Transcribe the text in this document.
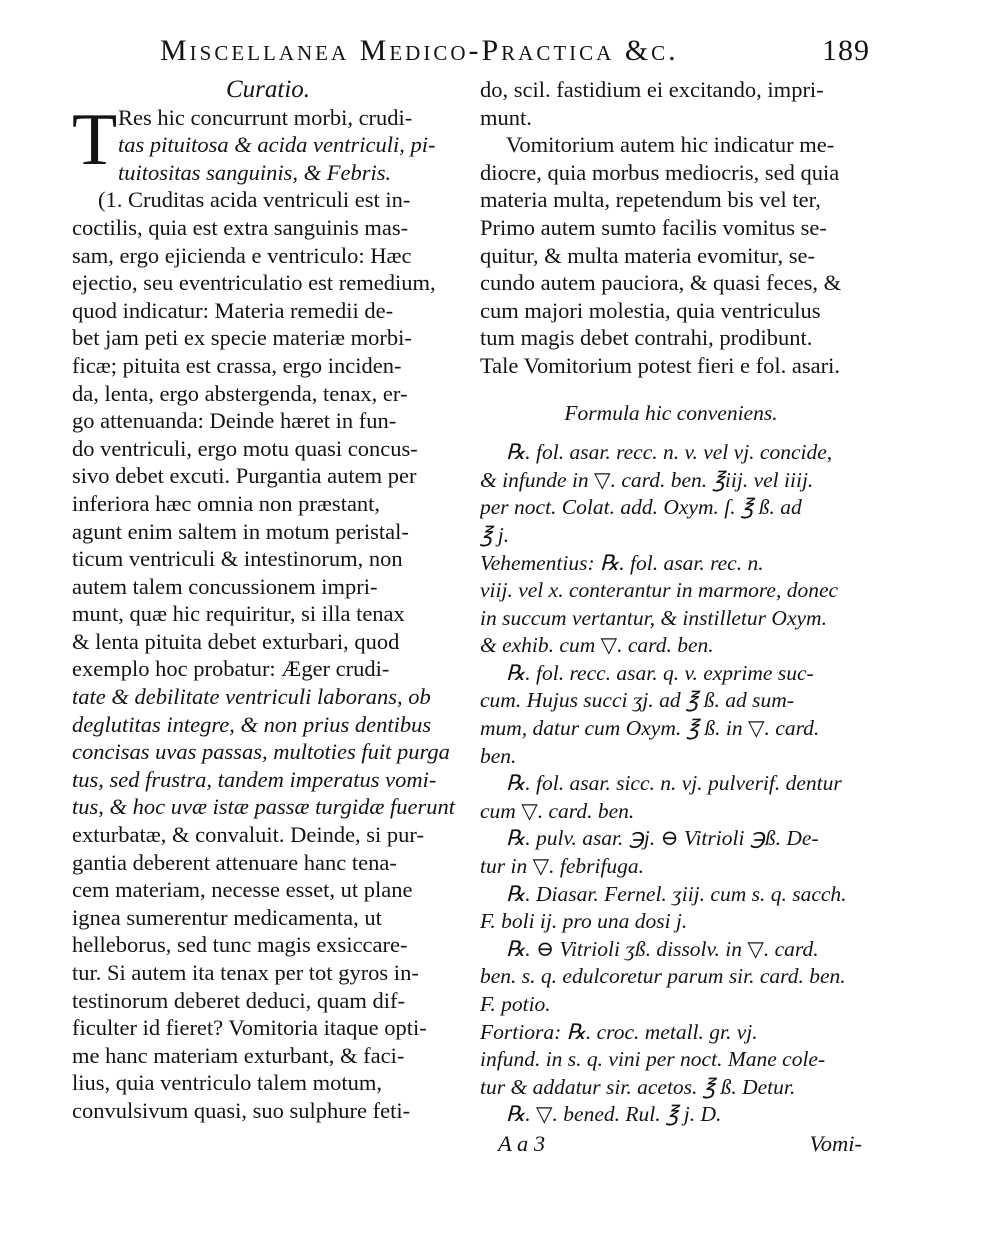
Miscellanea Medico-Practica &c.	189
Curatio.
T Res hic concurrunt morbi, crudi-
tas pituitosa & acida ventriculi, pi-
tuitositas sanguinis, & Febris.
(1. Cruditas acida ventriculi est in-
coctilis, quia est extra sanguinis mas-
sam, ergo ejicienda e ventriculo: Hæc
ejectio, seu eventriculatio est remedium,
quod indicatur: Materia remedii de-
bet jam peti ex specie materiæ morbi-
ficæ; pituita est crassa, ergo inciden-
da, lenta, ergo abstergenda, tenax, er-
go attenuanda: Deinde hæret in fun-
do ventriculi, ergo motu quasi concus-
sivo debet excuti. Purgantia autem per
inferiora hæc omnia non præstant,
agunt enim saltem in motum peristal-
ticum ventriculi & intestinorum, non
autem talem concussionem impri-
munt, quæ hic requiritur, si illa tenax
& lenta pituita debet exturbari, quod
exemplo hoc probatur: Æger crudi-
tate & debilitate ventriculi laborans, ob
deglutitas integre, & non prius dentibus
concisas uvas passas, multoties fuit purga
tus, sed frustra, tandem imperatus vomi-
tus, & hoc uvæ istæ passæ turgidæ fuerunt
exturbatæ, & convaluit. Deinde, si pur-
gantia deberent attenuare hanc tena-
cem materiam, necesse esset, ut plane
ignea sumerentur medicamenta, ut
helleborus, sed tunc magis exsiccare-
tur. Si autem ita tenax per tot gyros in-
testinorum deberet deduci, quam dif-
ficulter id fieret? Vomitoria itaque opti-
me hanc materiam exturbant, & faci-
lius, quia ventriculo talem motum,
convulsivum quasi, suo sulphure feti-
do, scil. fastidium ei excitando, impri-
munt.
Vomitorium autem hic indicatur me-
diocre, quia morbus mediocris, sed quia
materia multa, repetendum bis vel ter,
Primo autem sumto facilis vomitus se-
quitur, & multa materia evomitur, se-
cundo autem pauciora, & quasi feces, &
cum majori molestia, quia ventriculus
tum magis debet contrahi, prodibunt.
Tale Vomitorium potest fieri e fol. asari.
Formula hic conveniens.
℞. fol. asar. recc. n. v. vel vj. concide,
& infunde in ▽. card. ben. ℥iij. vel iiij.
per noct. Colat. add. Oxym. ſ. ℥ ß. ad
℥ j.
Vehementius: ℞. fol. asar. rec. n.
viij. vel x. conterantur in marmore, donec
in succum vertantur, & instilletur Oxym.
& exhib. cum ▽. card. ben.
℞. fol. recc. asar. q. v. exprime suc-
cum. Hujus succi ʒj. ad ℥ ß. ad sum-
mum, datur cum Oxym. ℥ ß. in ▽. card.
ben.
℞. fol. asar. sicc. n. vj. pulverif. dentur
cum ▽. card. ben.
℞. pulv. asar. ℈j. ⊖ Vitrioli ℈ß. De-
tur in ▽. febrifuga.
℞. Diasar. Fernel. ʒiij. cum s. q. sacch.
F. boli ij. pro una dosi j.
℞. ⊖ Vitrioli ʒß. dissolv. in ▽. card.
ben. s. q. edulcoretur parum sir. card. ben.
F. potio.
Fortiora: ℞. croc. metall. gr. vj.
infund. in s. q. vini per noct. Mane cole-
tur & addatur sir. acetos. ℥ ß. Detur.
℞. ▽. bened. Rul. ℥ j. D.
A a 3	Vomi-
